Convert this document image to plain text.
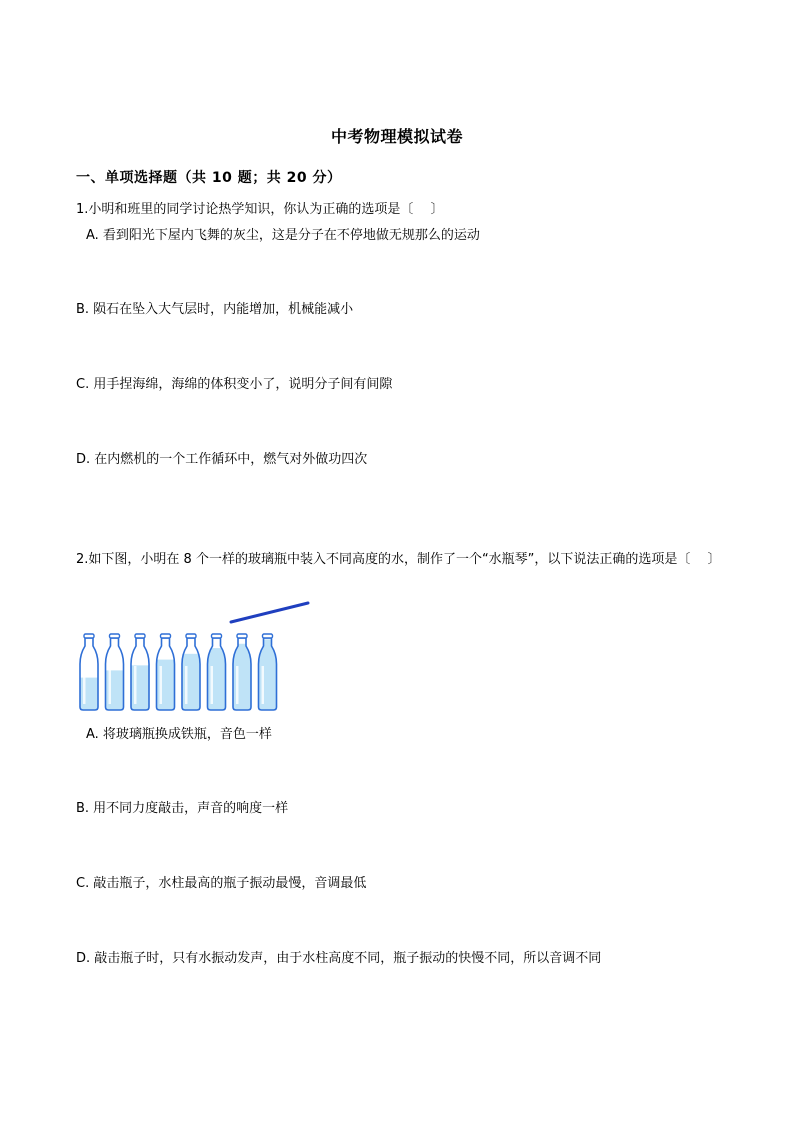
中考物理模拟试卷
一、单项选择题（共 10 题；共 20 分）
1.小明和班里的同学讨论热学知识，你认为正确的选项是〔　 〕
A. 看到阳光下屋内飞舞的灰尘，这是分子在不停地做无规那么的运动
B. 陨石在坠入大气层时，内能增加，机械能减小
C. 用手捏海绵，海绵的体积变小了，说明分子间有间隙
D. 在内燃机的一个工作循环中，燃气对外做功四次
2.如下图，小明在 8 个一样的玻璃瓶中装入不同高度的水，制作了一个“水瓶琴”，以下说法正确的选项是〔　 〕
A. 将玻璃瓶换成铁瓶，音色一样
B. 用不同力度敲击，声音的响度一样
C. 敲击瓶子，水柱最高的瓶子振动最慢，音调最低
D. 敲击瓶子时，只有水振动发声，由于水柱高度不同，瓶子振动的快慢不同，所以音调不同
